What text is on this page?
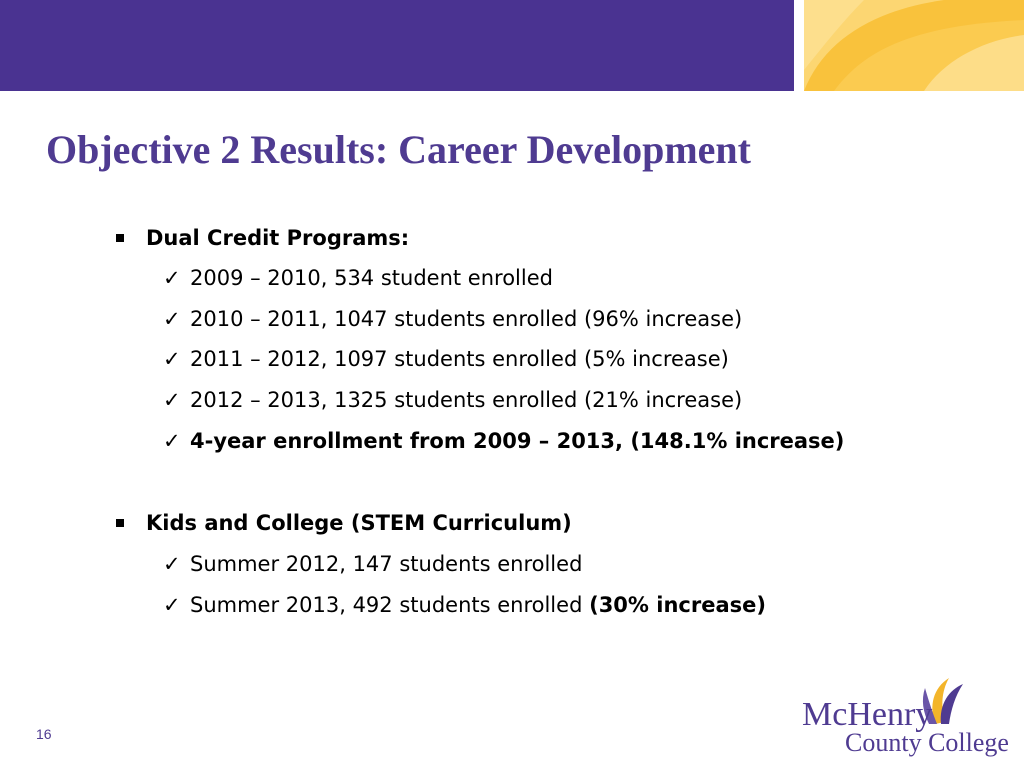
Objective 2 Results: Career Development
Dual Credit Programs:
✓ 2009 – 2010, 534 student enrolled
✓ 2010 – 2011, 1047 students enrolled (96% increase)
✓ 2011 – 2012, 1097 students enrolled (5% increase)
✓ 2012 – 2013, 1325 students enrolled (21% increase)
✓ 4-year enrollment from 2009 – 2013, (148.1% increase)
Kids and College (STEM Curriculum)
✓ Summer 2012, 147 students enrolled
✓ Summer 2013, 492 students enrolled (30% increase)
16
McHenry
County College
